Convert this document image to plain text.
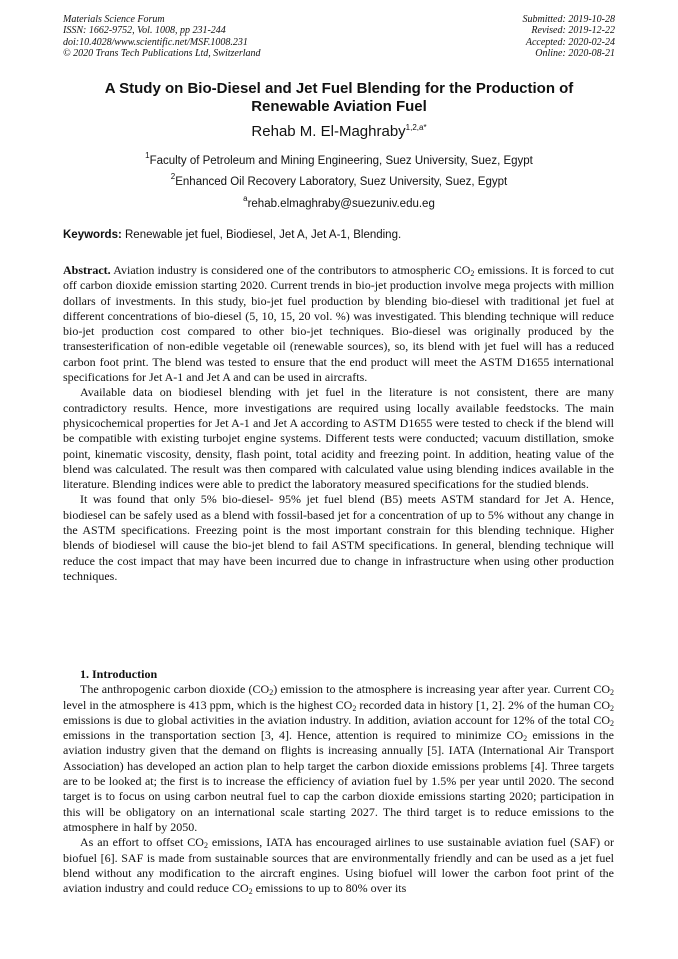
Materials Science Forum
ISSN: 1662-9752, Vol. 1008, pp 231-244
doi:10.4028/www.scientific.net/MSF.1008.231
© 2020 Trans Tech Publications Ltd, Switzerland
Submitted: 2019-10-28
Revised: 2019-12-22
Accepted: 2020-02-24
Online: 2020-08-21
A Study on Bio-Diesel and Jet Fuel Blending for the Production of
Renewable Aviation Fuel
Rehab M. El-Maghraby$^{1,2,a*}$
$^1$Faculty of Petroleum and Mining Engineering, Suez University, Suez, Egypt
$^2$Enhanced Oil Recovery Laboratory, Suez University, Suez, Egypt
$^a$rehab.elmaghraby@suezuniv.edu.eg
Keywords: Renewable jet fuel, Biodiesel, Jet A, Jet A-1, Blending.

Abstract. Aviation industry is considered one of the contributors to atmospheric $CO_2$ emissions. It is forced to cut off carbon dioxide emission starting 2020. Current trends in bio-jet production involve mega projects with million dollars of investments. In this study, bio-jet fuel production by blending bio-diesel with traditional jet fuel at different concentrations of bio-diesel (5, 10, 15, 20 vol. %) was investigated. This blending technique will reduce bio-jet production cost compared to other bio-jet techniques. Bio-diesel was originally produced by the transesterification of non-edible vegetable oil (renewable sources), so, its blend with jet fuel will has a reduced carbon foot print. The blend was tested to ensure that the end product will meet the ASTM D1655 international specifications for Jet A-1 and Jet A and can be used in aircrafts.

Available data on biodiesel blending with jet fuel in the literature is not consistent, there are many contradictory results. Hence, more investigations are required using locally available feedstocks. The main physicochemical properties for Jet A-1 and Jet A according to ASTM D1655 were tested to check if the blend will be compatible with existing turbojet engine systems. Different tests were conducted; vacuum distillation, smoke point, kinematic viscosity, density, flash point, total acidity and freezing point. In addition, heating value of the blend was calculated. The result was then compared with calculated value using blending indices available in the literature. Blending indices were able to predict the laboratory measured specifications for the studied blends.

It was found that only 5% bio-diesel- 95% jet fuel blend (B5) meets ASTM standard for Jet A. Hence, biodiesel can be safely used as a blend with fossil-based jet for a concentration of up to 5% without any change in the ASTM specifications. Freezing point is the most important constrain for this blending technique. Higher blends of biodiesel will cause the bio-jet blend to fail ASTM specifications. In general, blending technique will reduce the cost impact that may have been incurred due to change in infrastructure when using other production techniques.

1. Introduction

The anthropogenic carbon dioxide $(CO_2)$ emission to the atmosphere is increasing year after year. Current $CO_2$ level in the atmosphere is 413 ppm, which is the highest $CO_2$ recorded data in history [1, 2]. 2% of the human $CO_2$ emissions is due to global activities in the aviation industry. In addition, aviation account for 12% of the total $CO_2$ emissions in the transportation section [3, 4]. Hence, attention is required to minimize $CO_2$ emissions in the aviation industry given that the demand on flights is increasing annually [5]. IATA (International Air Transport Association) has developed an action plan to help target the carbon dioxide emissions problems [4]. Three targets are to be looked at; the first is to increase the efficiency of aviation fuel by 1.5% per year until 2020. The second target is to focus on using carbon neutral fuel to cap the carbon dioxide emissions starting 2020; participation in this will be obligatory on an international scale starting 2027. The third target is to reduce emissions to the atmosphere in half by 2050.

As an effort to offset $CO_2$ emissions, IATA has encouraged airlines to use sustainable aviation fuel (SAF) or biofuel [6]. SAF is made from sustainable sources that are environmentally friendly and can be used as a jet fuel blend without any modification to the aircraft engines. Using biofuel will lower the carbon foot print of the aviation industry and could reduce $CO_2$ emissions to up to 80% over its
